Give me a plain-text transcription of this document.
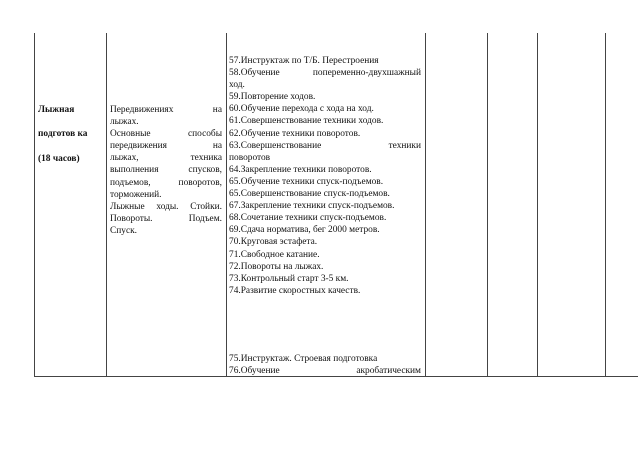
Лыжная
подготов ка
(18 часов)
Передвижениях на
лыжах.
Основные способы
передвижения на
лыжах, техника
выполнения спусков,
подъемов, поворотов,
торможений.
Лыжные ходы. Стойки.
Повороты. Подъем.
Спуск.
57.Инструктаж по Т/Б. Перестроения
58.Обучение попеременно-двухшажный
ход.
59.Повторение ходов.
60.Обучение перехода с хода на ход.
61.Совершенствование техники ходов.
62.Обучение техники поворотов.
63.Совершенствование техники
поворотов
64.Закрепление техники поворотов.
65.Обучение техники спуск-подъемов.
65.Совершенствование спуск-подъемов.
67.Закрепление техники спуск-подъемов.
68.Сочетание техники спуск-подъемов.
69.Сдача норматива, бег 2000 метров.
70.Круговая эстафета.
71.Свободное катание.
72.Повороты на лыжах.
73.Контрольный старт 3-5 км.
74.Развитие скоростных качеств.
75.Инструктаж. Строевая подготовка
76.Обучение акробатическим
